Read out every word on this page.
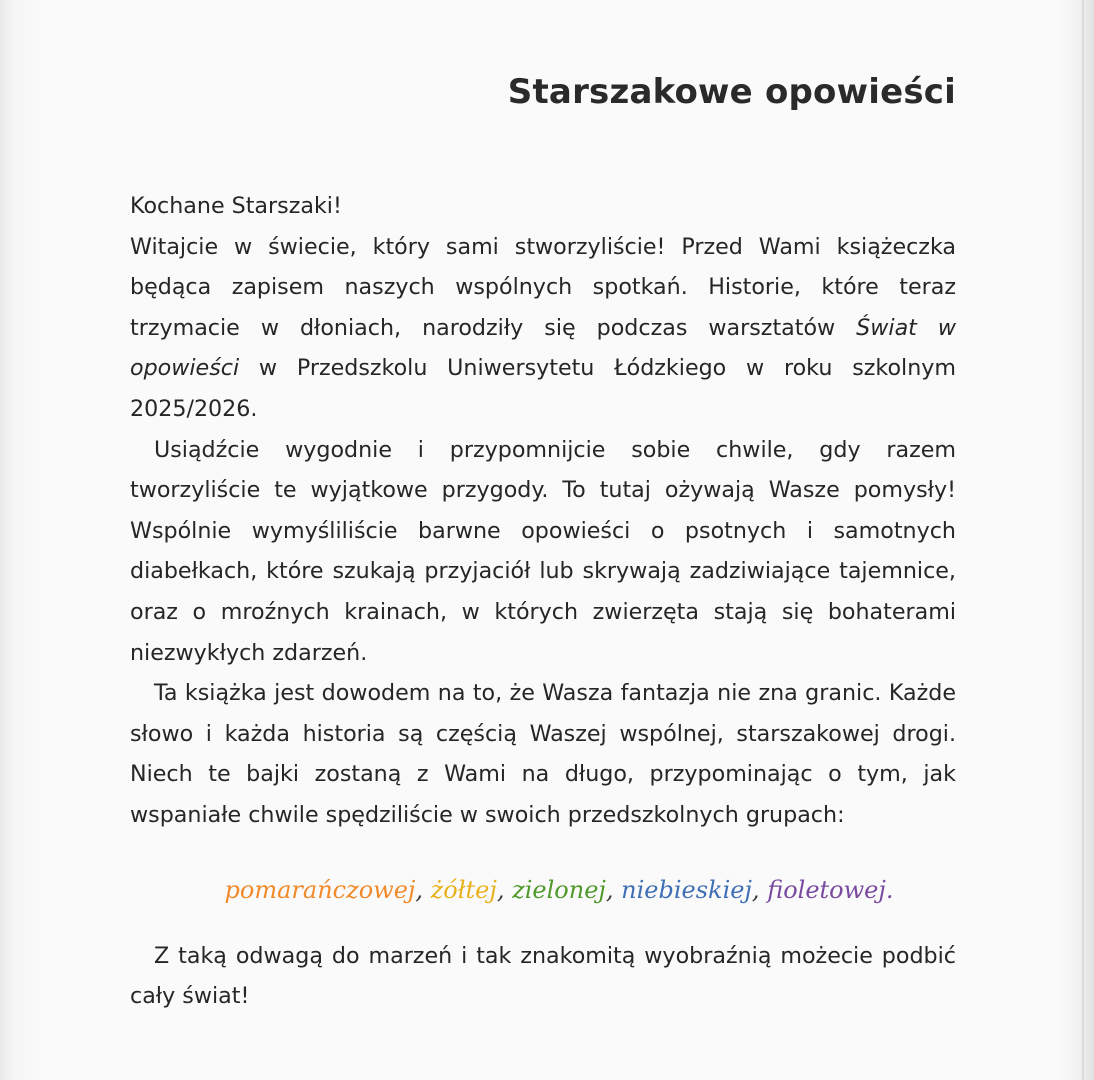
Starszakowe opowieści

Kochane Starszaki!

Witajcie w świecie, który sami stworzyliście! Przed Wami książeczka będąca zapisem naszych wspólnych spotkań. Historie, które teraz trzymacie w dłoniach, narodziły się podczas warsztatów Świat w opowieści w Przedszkolu Uniwersytetu Łódzkiego w roku szkolnym 2025/2026.

Usiądźcie wygodnie i przypomnijcie sobie chwile, gdy razem tworzyliście te wyjątkowe przygody. To tutaj ożywają Wasze pomysły! Wspólnie wymyśliliście barwne opowieści o psotnych i samotnych diabełkach, które szukają przyjaciół lub skrywają zadziwiające tajemnice, oraz o mroźnych krainach, w których zwierzęta stają się bohaterami niezwykłych zdarzeń.

Ta książka jest dowodem na to, że Wasza fantazja nie zna granic. Każde słowo i każda historia są częścią Waszej wspólnej, starszakowej drogi. Niech te bajki zostaną z Wami na długo, przypominając o tym, jak wspaniałe chwile spędziliście w swoich przedszkolnych grupach:

pomarańczowej, żółtej, zielonej, niebieskiej, fioletowej.

Z taką odwagą do marzeń i tak znakomitą wyobraźnią możecie podbić cały świat!
